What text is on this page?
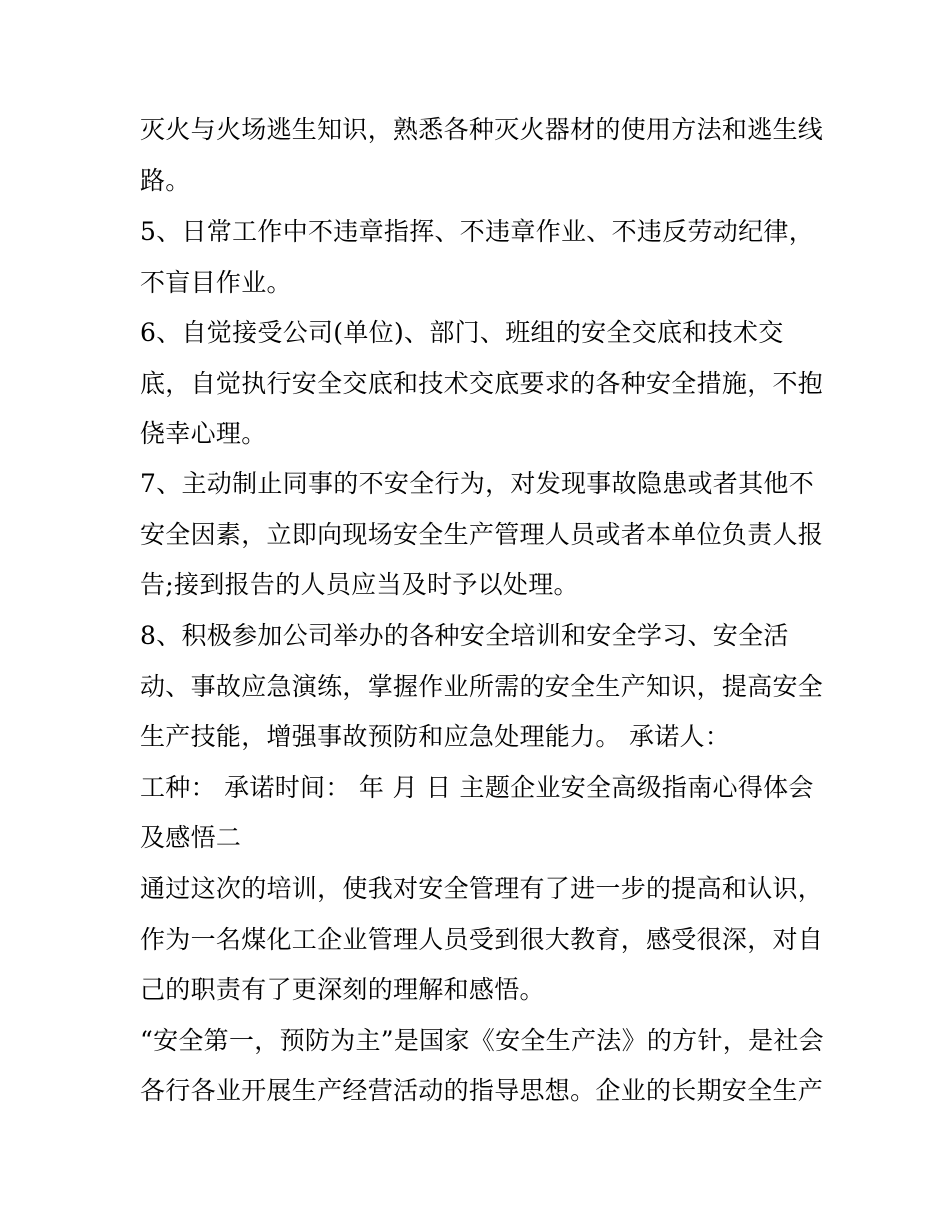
灭火与火场逃生知识，熟悉各种灭火器材的使用方法和逃生线
路。
5、日常工作中不违章指挥、不违章作业、不违反劳动纪律，
不盲目作业。
6、自觉接受公司(单位)、部门、班组的安全交底和技术交
底，自觉执行安全交底和技术交底要求的各种安全措施，不抱
侥幸心理。
7、主动制止同事的不安全行为，对发现事故隐患或者其他不
安全因素，立即向现场安全生产管理人员或者本单位负责人报
告;接到报告的人员应当及时予以处理。
8、积极参加公司举办的各种安全培训和安全学习、安全活
动、事故应急演练，掌握作业所需的安全生产知识，提高安全
生产技能，增强事故预防和应急处理能力。 承诺人：
工种： 承诺时间： 年 月 日 主题企业安全高级指南心得体会
及感悟二
通过这次的培训，使我对安全管理有了进一步的提高和认识，
作为一名煤化工企业管理人员受到很大教育，感受很深，对自
己的职责有了更深刻的理解和感悟。
“安全第一，预防为主”是国家《安全生产法》的方针，是社会
各行各业开展生产经营活动的指导思想。企业的长期安全生产
